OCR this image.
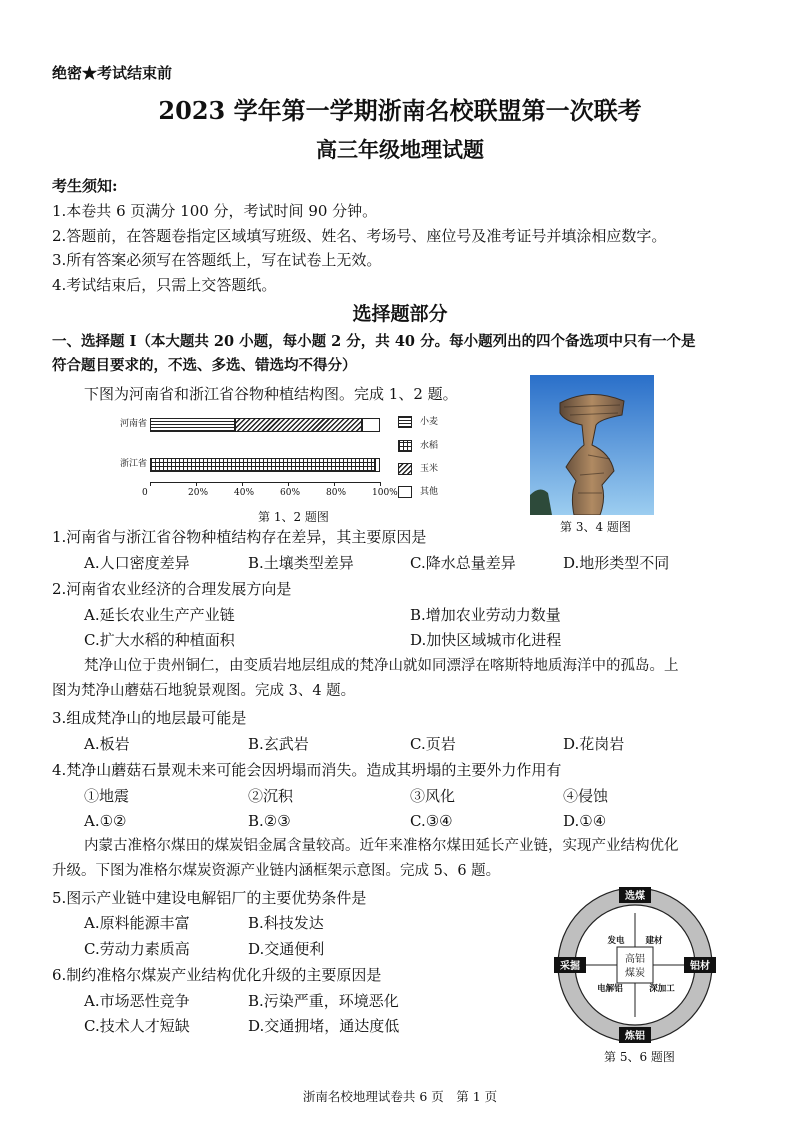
绝密★考试结束前
2023 学年第一学期浙南名校联盟第一次联考
高三年级地理试题
考生须知:
1.本卷共 6 页满分 100 分，考试时间 90 分钟。
2.答题前，在答题卷指定区域填写班级、姓名、考场号、座位号及准考证号并填涂相应数字。
3.所有答案必须写在答题纸上，写在试卷上无效。
4.考试结束后，只需上交答题纸。
选择题部分
一、选择题 I（本大题共 20 小题，每小题 2 分，共 40 分。每小题列出的四个备选项中只有一个是
符合题目要求的，不选、多选、错选均不得分）
下图为河南省和浙江省谷物种植结构图。完成 1、2 题。
河南省
浙江省
0	20%	40%	60%	80%	100%
小麦
水稻
玉米
其他
第 1、2 题图
第 3、4 题图
1.河南省与浙江省谷物种植结构存在差异，其主要原因是
A.人口密度差异	B.土壤类型差异	C.降水总量差异	D.地形类型不同
2.河南省农业经济的合理发展方向是
A.延长农业生产产业链	B.增加农业劳动力数量
C.扩大水稻的种植面积	D.加快区域城市化进程
梵净山位于贵州铜仁，由变质岩地层组成的梵净山就如同漂浮在喀斯特地质海洋中的孤岛。上
图为梵净山蘑菇石地貌景观图。完成 3、4 题。
3.组成梵净山的地层最可能是
A.板岩	B.玄武岩	C.页岩	D.花岗岩
4.梵净山蘑菇石景观未来可能会因坍塌而消失。造成其坍塌的主要外力作用有
①地震	②沉积	③风化	④侵蚀
A.①②	B.②③	C.③④	D.①④
内蒙古准格尔煤田的煤炭铝金属含量较高。近年来准格尔煤田延长产业链，实现产业结构优化
升级。下图为准格尔煤炭资源产业链内涵框架示意图。完成 5、6 题。
5.图示产业链中建设电解铝厂的主要优势条件是
A.原料能源丰富	B.科技发达
C.劳动力素质高	D.交通便利
6.制约准格尔煤炭产业结构优化升级的主要原因是
A.市场恶性竞争	B.污染严重，环境恶化
C.技术人才短缺	D.交通拥堵，通达度低
选煤
铝材
炼铝
采掘
发电 建材
深加工
电解铝
高铝
煤炭
第 5、6 题图
浙南名校地理试卷共 6 页　第 1 页
